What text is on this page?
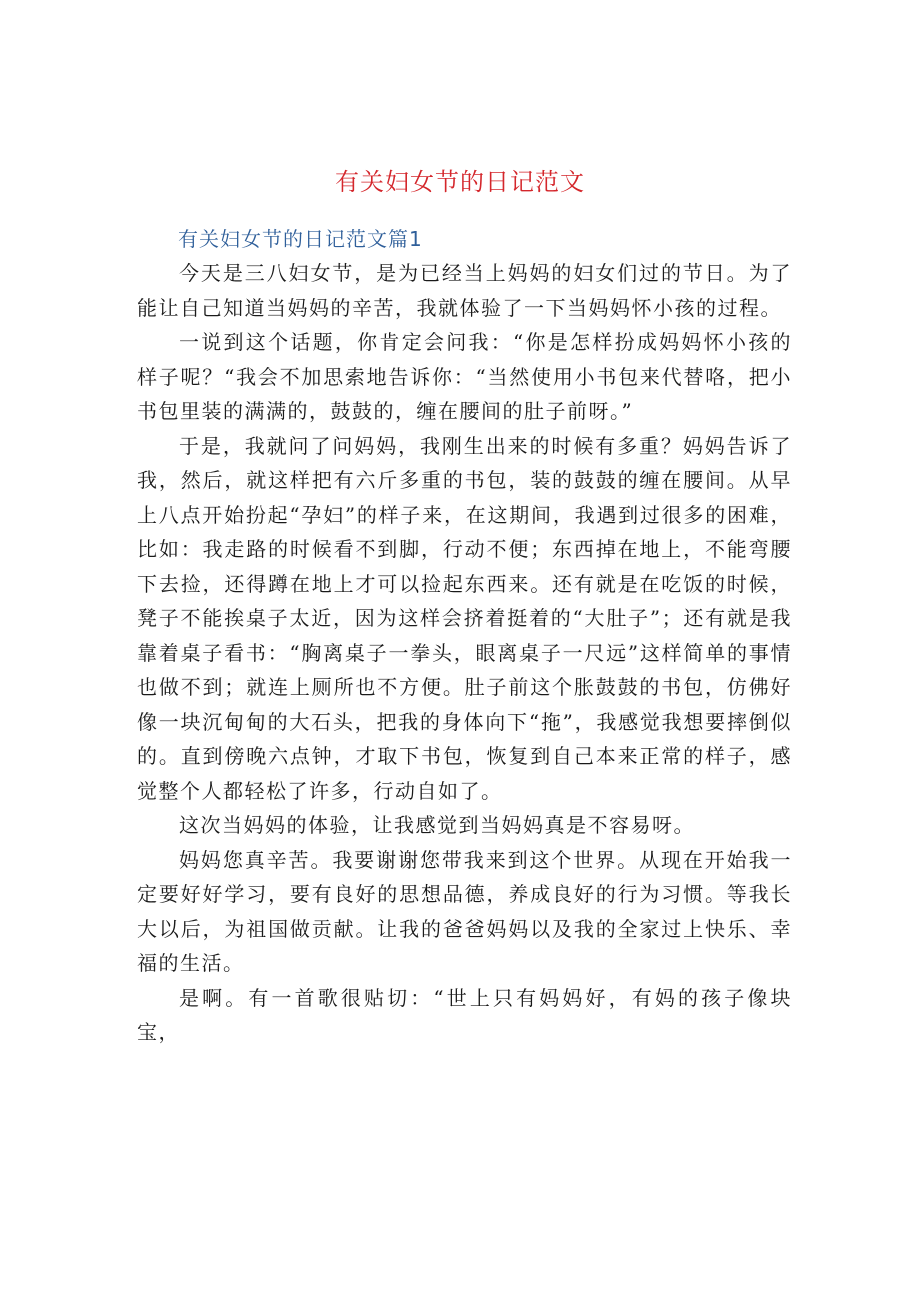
有关妇女节的日记范文
有关妇女节的日记范文篇1

今天是三八妇女节，是为已经当上妈妈的妇女们过的节日。为了能让自己知道当妈妈的辛苦，我就体验了一下当妈妈怀小孩的过程。

一说到这个话题，你肯定会问我：“你是怎样扮成妈妈怀小孩的样子呢？“我会不加思索地告诉你：“当然使用小书包来代替咯，把小书包里装的满满的，鼓鼓的，缠在腰间的肚子前呀。”

于是，我就问了问妈妈，我刚生出来的时候有多重？妈妈告诉了我，然后，就这样把有六斤多重的书包，装的鼓鼓的缠在腰间。从早上八点开始扮起“孕妇”的样子来，在这期间，我遇到过很多的困难，比如：我走路的时候看不到脚，行动不便；东西掉在地上，不能弯腰下去捡，还得蹲在地上才可以捡起东西来。还有就是在吃饭的时候，凳子不能挨桌子太近，因为这样会挤着挺着的“大肚子”；还有就是我靠着桌子看书：“胸离桌子一拳头，眼离桌子一尺远”这样简单的事情也做不到；就连上厕所也不方便。肚子前这个胀鼓鼓的书包，仿佛好像一块沉甸甸的大石头，把我的身体向下“拖”，我感觉我想要摔倒似的。直到傍晚六点钟，才取下书包，恢复到自己本来正常的样子，感觉整个人都轻松了许多，行动自如了。

这次当妈妈的体验，让我感觉到当妈妈真是不容易呀。

妈妈您真辛苦。我要谢谢您带我来到这个世界。从现在开始我一定要好好学习，要有良好的思想品德，养成良好的行为习惯。等我长大以后，为祖国做贡献。让我的爸爸妈妈以及我的全家过上快乐、幸福的生活。

是啊。有一首歌很贴切：“世上只有妈妈好，有妈的孩子像块宝，
